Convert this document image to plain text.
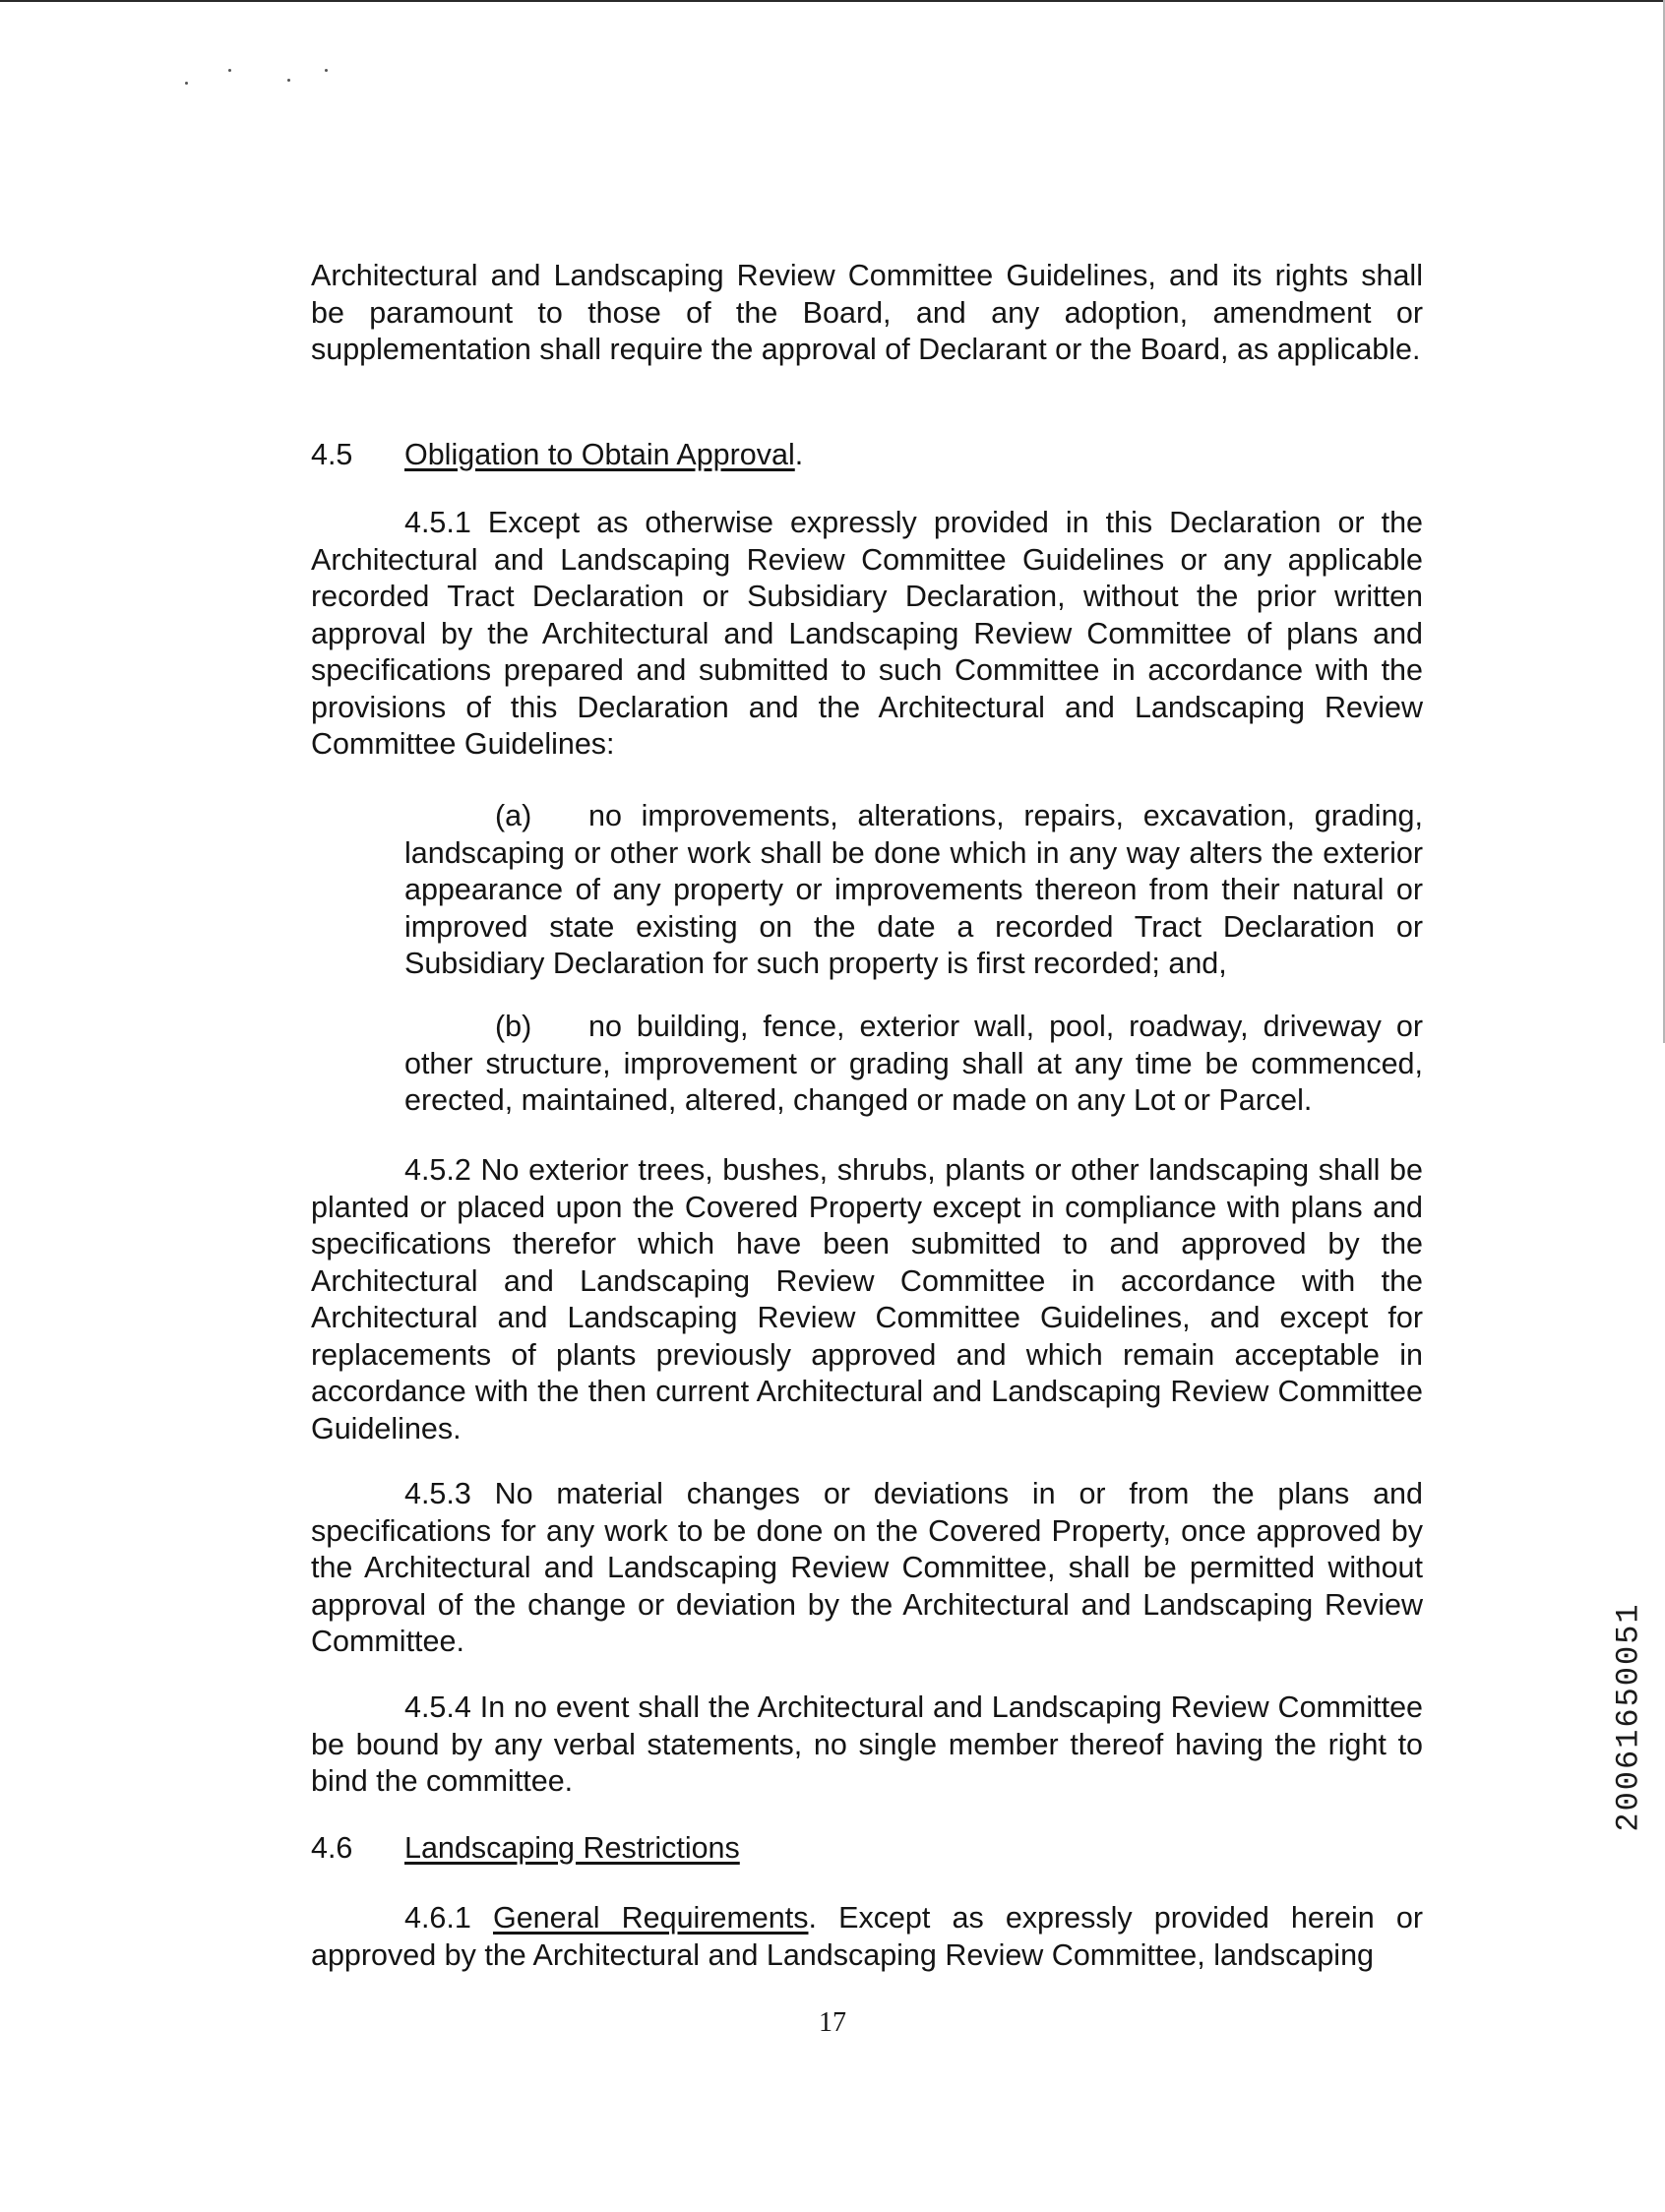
Architectural and Landscaping Review Committee Guidelines, and its rights shall be paramount to those of the Board, and any adoption, amendment or supplementation shall require the approval of Declarant or the Board, as applicable.

4.5 Obligation to Obtain Approval.

4.5.1 Except as otherwise expressly provided in this Declaration or the Architectural and Landscaping Review Committee Guidelines or any applicable recorded Tract Declaration or Subsidiary Declaration, without the prior written approval by the Architectural and Landscaping Review Committee of plans and specifications prepared and submitted to such Committee in accordance with the provisions of this Declaration and the Architectural and Landscaping Review Committee Guidelines:

(a) no improvements, alterations, repairs, excavation, grading, landscaping or other work shall be done which in any way alters the exterior appearance of any property or improvements thereon from their natural or improved state existing on the date a recorded Tract Declaration or Subsidiary Declaration for such property is first recorded; and,

(b) no building, fence, exterior wall, pool, roadway, driveway or other structure, improvement or grading shall at any time be commenced, erected, maintained, altered, changed or made on any Lot or Parcel.

4.5.2 No exterior trees, bushes, shrubs, plants or other landscaping shall be planted or placed upon the Covered Property except in compliance with plans and specifications therefor which have been submitted to and approved by the Architectural and Landscaping Review Committee in accordance with the Architectural and Landscaping Review Committee Guidelines, and except for replacements of plants previously approved and which remain acceptable in accordance with the then current Architectural and Landscaping Review Committee Guidelines.

4.5.3 No material changes or deviations in or from the plans and specifications for any work to be done on the Covered Property, once approved by the Architectural and Landscaping Review Committee, shall be permitted without approval of the change or deviation by the Architectural and Landscaping Review Committee.

4.5.4 In no event shall the Architectural and Landscaping Review Committee be bound by any verbal statements, no single member thereof having the right to bind the committee.

4.6 Landscaping Restrictions

4.6.1 General Requirements. Except as expressly provided herein or approved by the Architectural and Landscaping Review Committee, landscaping

17

20061650051
